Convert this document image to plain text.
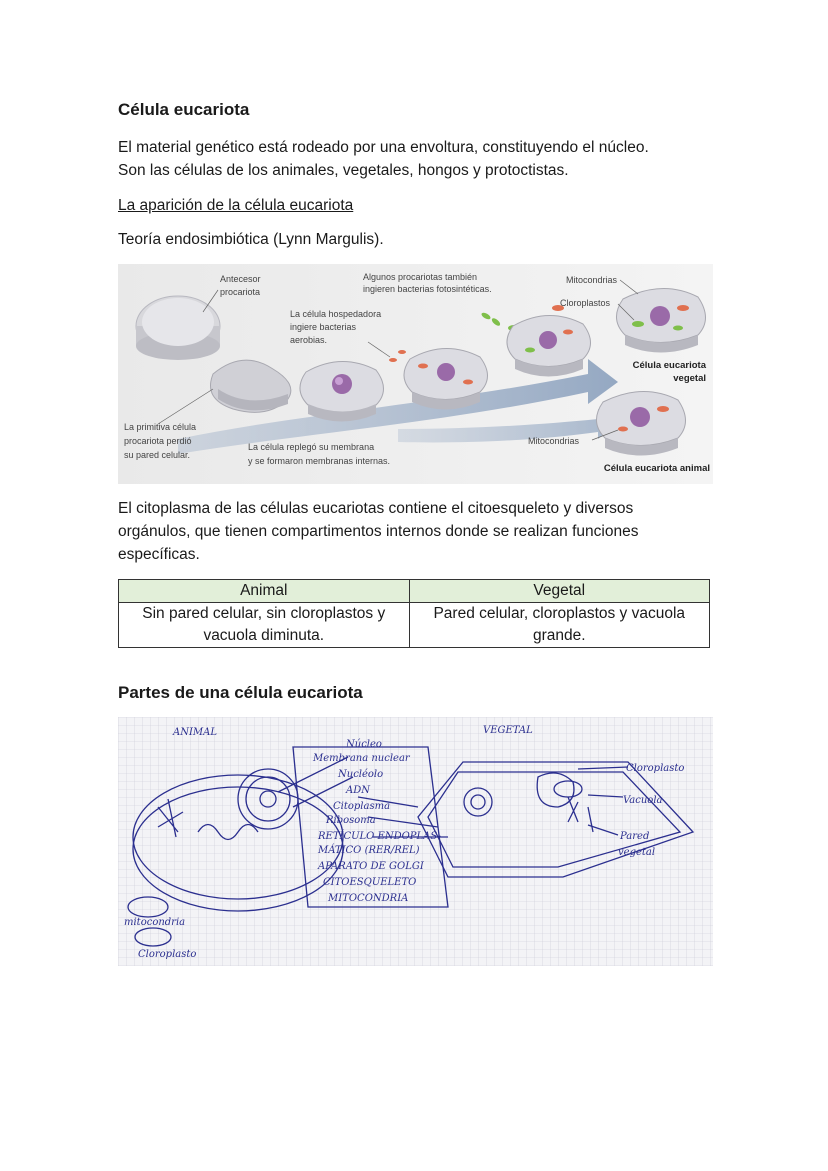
Célula eucariota

El material genético está rodeado por una envoltura, constituyendo el núcleo.
Son las células de los animales, vegetales, hongos y protoctistas.

La aparición de la célula eucariota

Teoría endosimbiótica (Lynn Margulis).

Antecesor
procariota
Algunos procariotas también
ingieren bacterias fotosintéticas.
La célula hospedadora
ingiere bacterias
aerobias.
Mitocondrias
Cloroplastos
Célula eucariota
vegetal
La primitiva célula
procariota perdió
su pared celular.
La célula replegó su membrana
y se formaron membranas internas.
Mitocondrias
Célula eucariota animal

El citoplasma de las células eucariotas contiene el citoesqueleto y diversos
orgánulos, que tienen compartimentos internos donde se realizan funciones
específicas.

Animal	Vegetal
Sin pared celular, sin cloroplastos y
vacuola diminuta.	Pared celular, cloroplastos y vacuola
grande.
Partes de una célula eucariota
ANIMAL	VEGETAL
Núcleo
Membrana nuclear
Nucléolo
ADN
Citoplasma
Ribosoma
RETÍCULO ENDOPLAS-
MÁTICO (RER/REL)
APARATO DE GOLGI
CITOESQUELETO
MITOCONDRIA
Cloroplasto
Vacuola
Pared
vegetal
mitocondria
Cloroplasto
